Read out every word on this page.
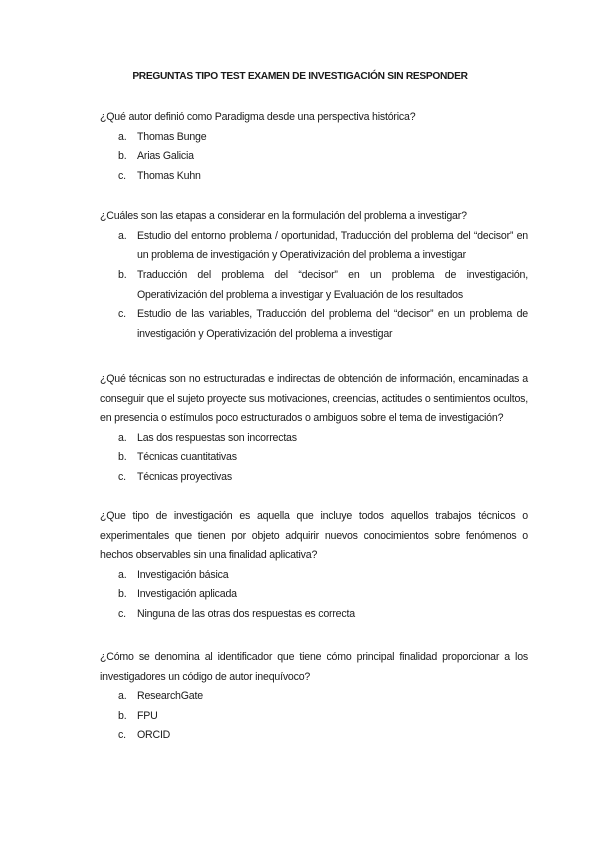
PREGUNTAS TIPO TEST EXAMEN DE INVESTIGACIÓN SIN RESPONDER
¿Qué autor definió como Paradigma desde una perspectiva histórica?
a. Thomas Bunge
b. Arias Galicia
c. Thomas Kuhn
¿Cuáles son las etapas a considerar en la formulación del problema a investigar?
a. Estudio del entorno problema / oportunidad, Traducción del problema del “decisor” en un problema de investigación y Operativización del problema a investigar
b. Traducción del problema del “decisor” en un problema de investigación, Operativización del problema a investigar y Evaluación de los resultados
c. Estudio de las variables, Traducción del problema del “decisor” en un problema de investigación y Operativización del problema a investigar
¿Qué técnicas son no estructuradas e indirectas de obtención de información, encaminadas a conseguir que el sujeto proyecte sus motivaciones, creencias, actitudes o sentimientos ocultos, en presencia o estímulos poco estructurados o ambiguos sobre el tema de investigación?
a. Las dos respuestas son incorrectas
b. Técnicas cuantitativas
c. Técnicas proyectivas
¿Que tipo de investigación es aquella que incluye todos aquellos trabajos técnicos o experimentales que tienen por objeto adquirir nuevos conocimientos sobre fenómenos o hechos observables sin una finalidad aplicativa?
a. Investigación básica
b. Investigación aplicada
c. Ninguna de las otras dos respuestas es correcta
¿Cómo se denomina al identificador que tiene cómo principal finalidad proporcionar a los investigadores un código de autor inequívoco?
a. ResearchGate
b. FPU
c. ORCID
